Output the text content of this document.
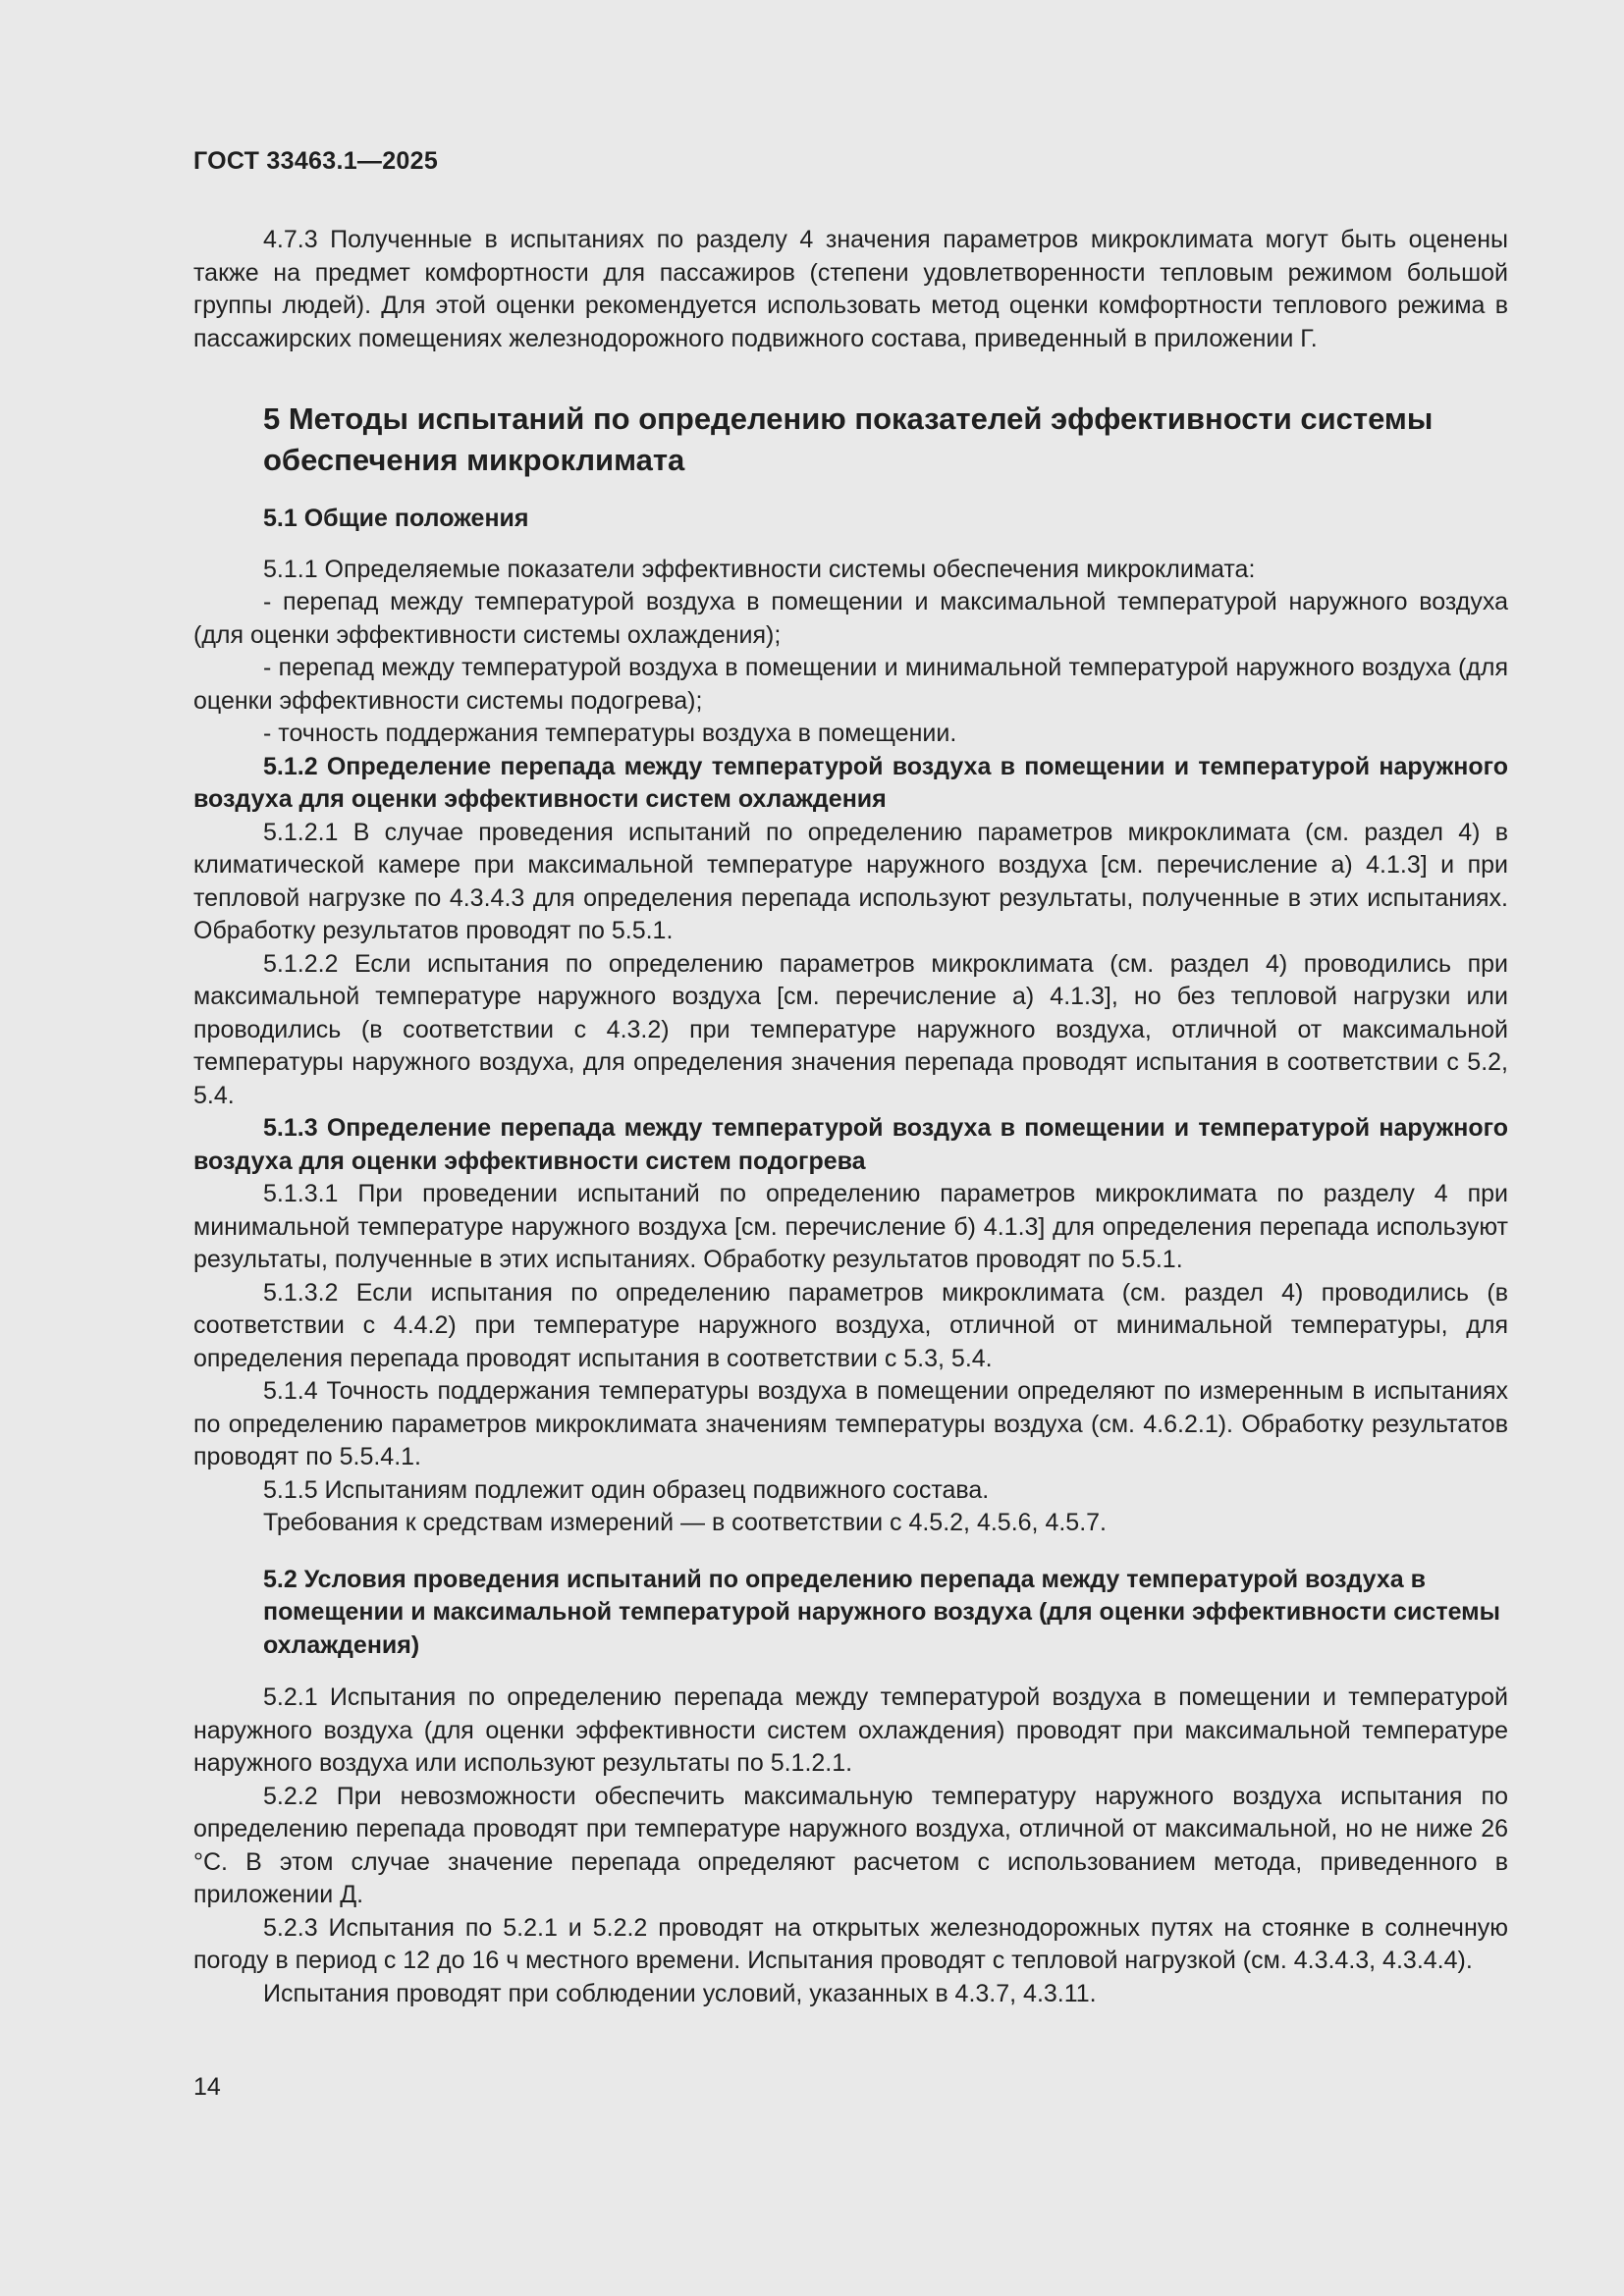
ГОСТ 33463.1—2025

4.7.3 Полученные в испытаниях по разделу 4 значения параметров микроклимата могут быть оценены также на предмет комфортности для пассажиров (степени удовлетворенности тепловым режимом большой группы людей). Для этой оценки рекомендуется использовать метод оценки комфортности теплового режима в пассажирских помещениях железнодорожного подвижного состава, приведенный в приложении Г.

5 Методы испытаний по определению показателей эффективности системы обеспечения микроклимата
5.1 Общие положения

5.1.1 Определяемые показатели эффективности системы обеспечения микроклимата:

- перепад между температурой воздуха в помещении и максимальной температурой наружного воздуха (для оценки эффективности системы охлаждения);

- перепад между температурой воздуха в помещении и минимальной температурой наружного воздуха (для оценки эффективности системы подогрева);

- точность поддержания температуры воздуха в помещении.

5.1.2 Определение перепада между температурой воздуха в помещении и температурой наружного воздуха для оценки эффективности систем охлаждения

5.1.2.1 В случае проведения испытаний по определению параметров микроклимата (см. раздел 4) в климатической камере при максимальной температуре наружного воздуха [см. перечисление а) 4.1.3] и при тепловой нагрузке по 4.3.4.3 для определения перепада используют результаты, полученные в этих испытаниях. Обработку результатов проводят по 5.5.1.

5.1.2.2 Если испытания по определению параметров микроклимата (см. раздел 4) проводились при максимальной температуре наружного воздуха [см. перечисление а) 4.1.3], но без тепловой нагрузки или проводились (в соответствии с 4.3.2) при температуре наружного воздуха, отличной от максимальной температуры наружного воздуха, для определения значения перепада проводят испытания в соответствии с 5.2, 5.4.

5.1.3 Определение перепада между температурой воздуха в помещении и температурой наружного воздуха для оценки эффективности систем подогрева

5.1.3.1 При проведении испытаний по определению параметров микроклимата по разделу 4 при минимальной температуре наружного воздуха [см. перечисление б) 4.1.3] для определения перепада используют результаты, полученные в этих испытаниях. Обработку результатов проводят по 5.5.1.

5.1.3.2 Если испытания по определению параметров микроклимата (см. раздел 4) проводились (в соответствии с 4.4.2) при температуре наружного воздуха, отличной от минимальной температуры, для определения перепада проводят испытания в соответствии с 5.3, 5.4.

5.1.4 Точность поддержания температуры воздуха в помещении определяют по измеренным в испытаниях по определению параметров микроклимата значениям температуры воздуха (см. 4.6.2.1). Обработку результатов проводят по 5.5.4.1.

5.1.5 Испытаниям подлежит один образец подвижного состава.

Требования к средствам измерений — в соответствии с 4.5.2, 4.5.6, 4.5.7.

5.2 Условия проведения испытаний по определению перепада между температурой воздуха в помещении и максимальной температурой наружного воздуха (для оценки эффективности системы охлаждения)

5.2.1 Испытания по определению перепада между температурой воздуха в помещении и температурой наружного воздуха (для оценки эффективности систем охлаждения) проводят при максимальной температуре наружного воздуха или используют результаты по 5.1.2.1.

5.2.2 При невозможности обеспечить максимальную температуру наружного воздуха испытания по определению перепада проводят при температуре наружного воздуха, отличной от максимальной, но не ниже 26 °С. В этом случае значение перепада определяют расчетом с использованием метода, приведенного в приложении Д.

5.2.3 Испытания по 5.2.1 и 5.2.2 проводят на открытых железнодорожных путях на стоянке в солнечную погоду в период с 12 до 16 ч местного времени. Испытания проводят с тепловой нагрузкой (см. 4.3.4.3, 4.3.4.4).

Испытания проводят при соблюдении условий, указанных в 4.3.7, 4.3.11.

14
